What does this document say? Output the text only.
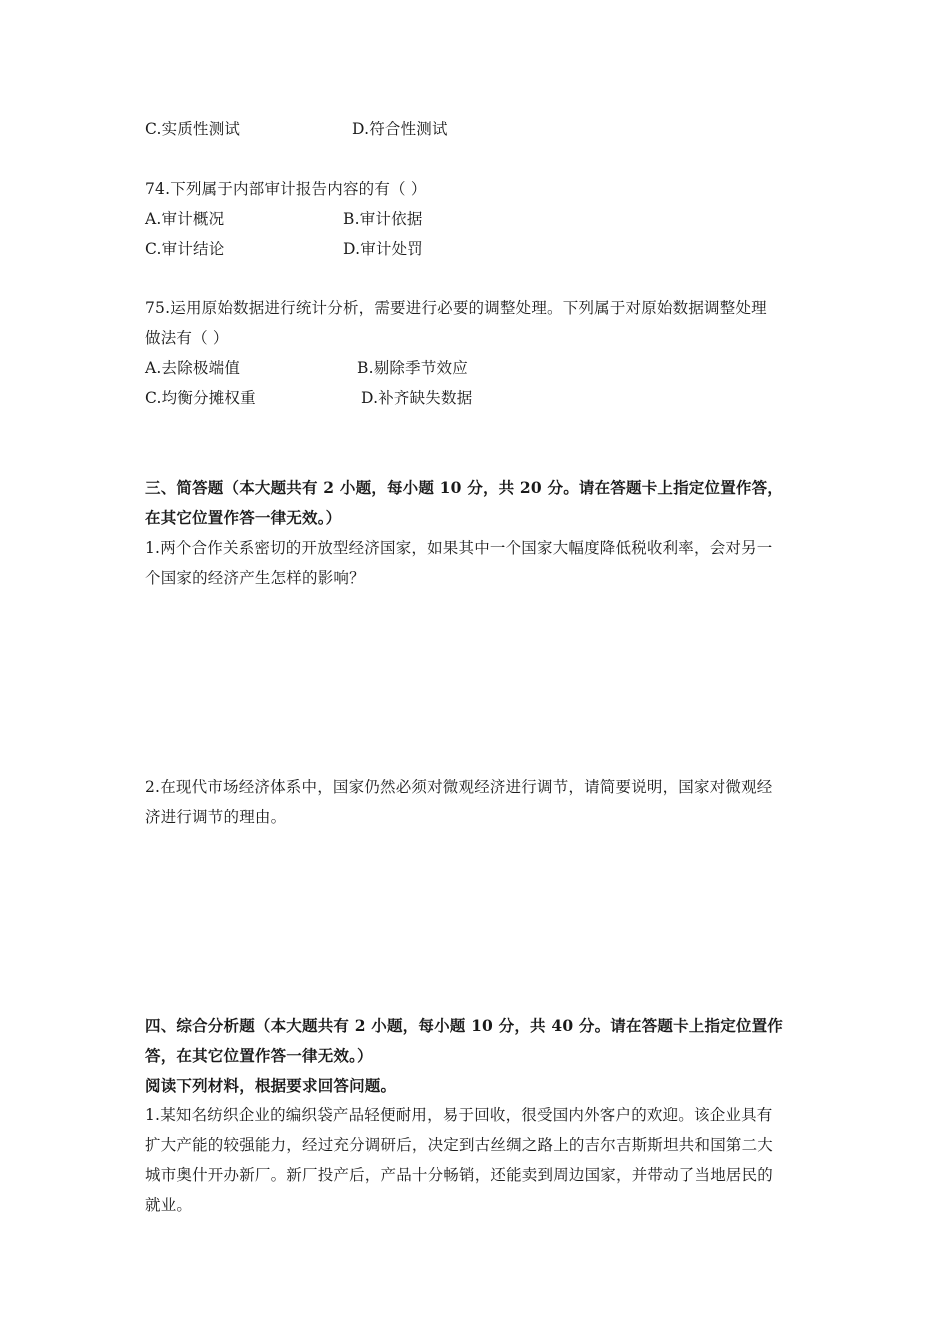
C.实质性测试	D.符合性测试
74.下列属于内部审计报告内容的有（ ）
A.审计概况	B.审计依据
C.审计结论	D.审计处罚
75.运用原始数据进行统计分析，需要进行必要的调整处理。下列属于对原始数据调整处理
做法有（ ）
A.去除极端值	B.剔除季节效应
C.均衡分摊权重	D.补齐缺失数据
三、简答题（本大题共有 2 小题，每小题 10 分，共 20 分。请在答题卡上指定位置作答，
在其它位置作答一律无效。）
1.两个合作关系密切的开放型经济国家，如果其中一个国家大幅度降低税收利率，会对另一
个国家的经济产生怎样的影响？
2.在现代市场经济体系中，国家仍然必须对微观经济进行调节，请简要说明，国家对微观经
济进行调节的理由。
四、综合分析题（本大题共有 2 小题，每小题 10 分，共 40 分。请在答题卡上指定位置作
答，在其它位置作答一律无效。）
阅读下列材料，根据要求回答问题。
1.某知名纺织企业的编织袋产品轻便耐用，易于回收，很受国内外客户的欢迎。该企业具有
扩大产能的较强能力，经过充分调研后，决定到古丝绸之路上的吉尔吉斯斯坦共和国第二大
城市奥什开办新厂。新厂投产后，产品十分畅销，还能卖到周边国家，并带动了当地居民的
就业。
